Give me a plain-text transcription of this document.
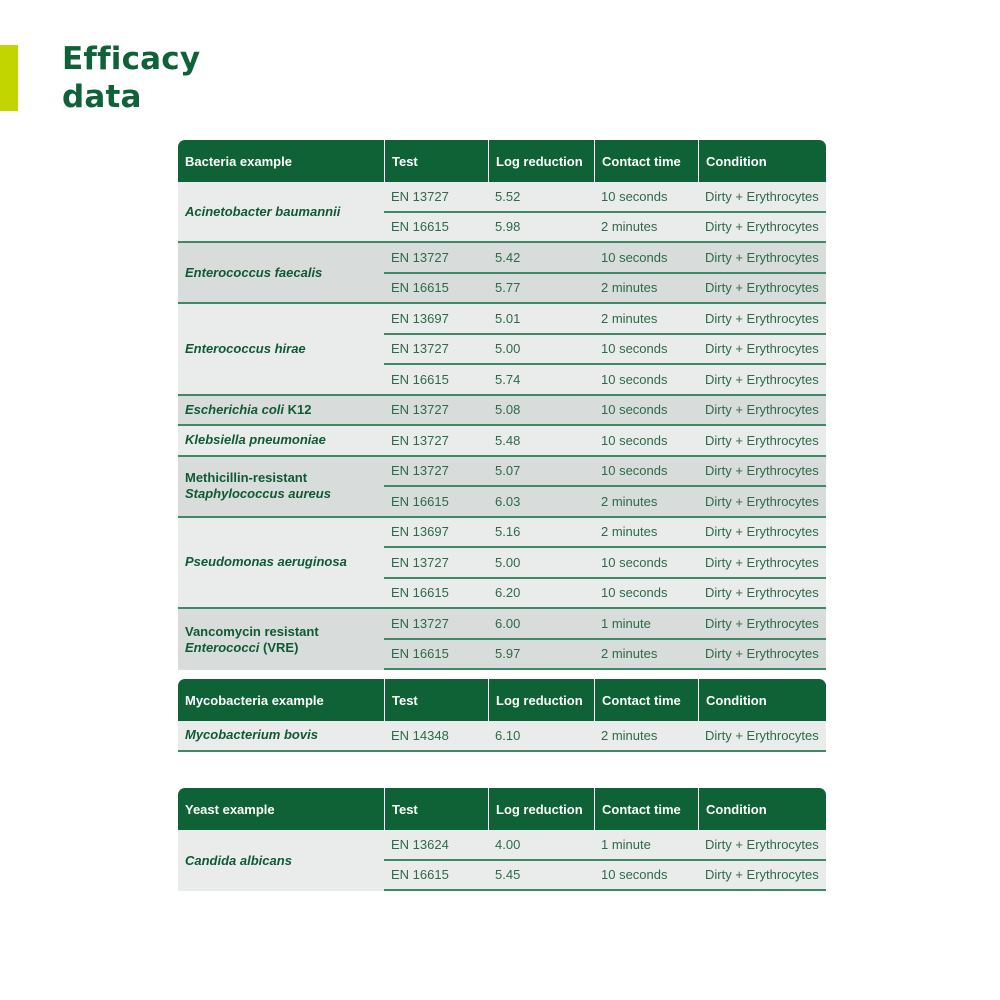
Efficacy
data
Bacteria example	Test	Log reduction	Contact time	Condition
Acinetobacter baumannii	EN 13727	5.52	10 seconds	Dirty + Erythrocytes
	EN 16615	5.98	2 minutes	Dirty + Erythrocytes
Enterococcus faecalis	EN 13727	5.42	10 seconds	Dirty + Erythrocytes
	EN 16615	5.77	2 minutes	Dirty + Erythrocytes
Enterococcus hirae	EN 13697	5.01	2 minutes	Dirty + Erythrocytes
	EN 13727	5.00	10 seconds	Dirty + Erythrocytes
	EN 16615	5.74	10 seconds	Dirty + Erythrocytes
Escherichia coli K12	EN 13727	5.08	10 seconds	Dirty + Erythrocytes
Klebsiella pneumoniae	EN 13727	5.48	10 seconds	Dirty + Erythrocytes
Methicillin-resistant
Staphylococcus aureus	EN 13727	5.07	10 seconds	Dirty + Erythrocytes
	EN 16615	6.03	2 minutes	Dirty + Erythrocytes
Pseudomonas aeruginosa	EN 13697	5.16	2 minutes	Dirty + Erythrocytes
	EN 13727	5.00	10 seconds	Dirty + Erythrocytes
	EN 16615	6.20	10 seconds	Dirty + Erythrocytes
Vancomycin resistant
Enterococci (VRE)	EN 13727	6.00	1 minute	Dirty + Erythrocytes
	EN 16615	5.97	2 minutes	Dirty + Erythrocytes
Mycobacteria example	Test	Log reduction	Contact time	Condition
Mycobacterium bovis	EN 14348	6.10	2 minutes	Dirty + Erythrocytes
Yeast example	Test	Log reduction	Contact time	Condition
Candida albicans	EN 13624	4.00	1 minute	Dirty + Erythrocytes
	EN 16615	5.45	10 seconds	Dirty + Erythrocytes
